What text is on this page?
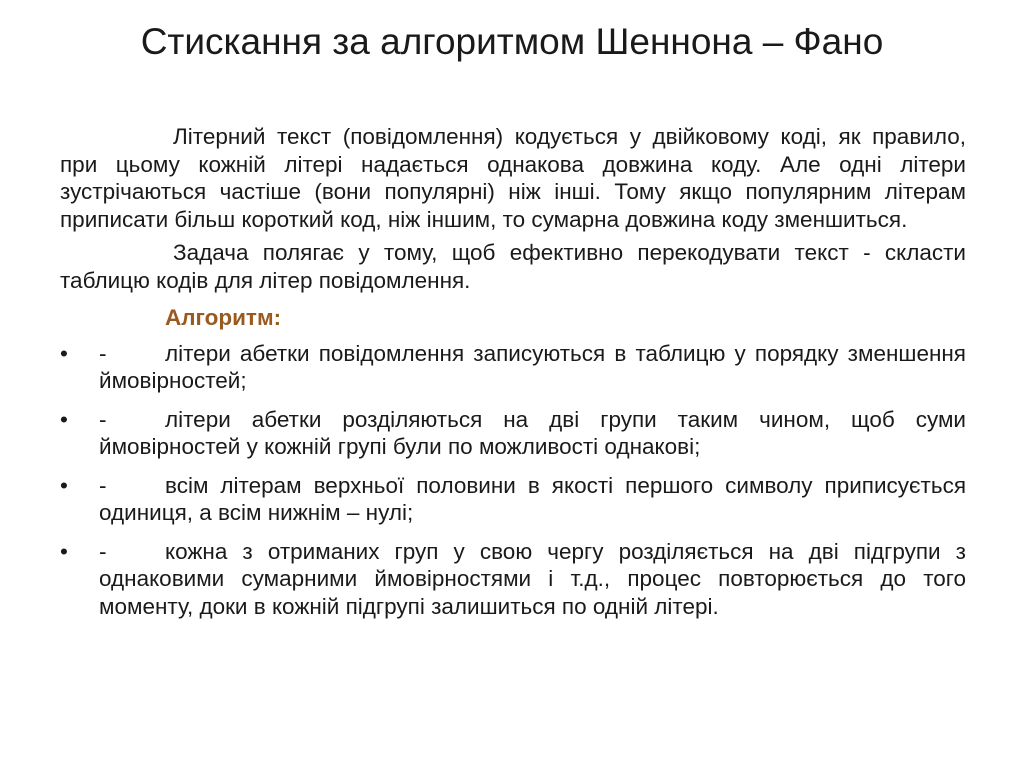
Стискання за алгоритмом Шеннона – Фано

Літерний текст (повідомлення) кодується у двійковому коді, як правило, при цьому кожній літері надається однакова довжина коду. Але одні літери зустрічаються частіше (вони популярні) ніж інші. Тому якщо популярним літерам приписати більш короткий код, ніж іншим, то сумарна довжина коду зменшиться.

Задача полягає у тому, щоб ефективно перекодувати текст - скласти таблицю кодів для літер повідомлення.

Алгоритм:
• -	літери абетки повідомлення записуються в таблицю у порядку зменшення ймовірностей;
• -	літери абетки розділяються на дві групи таким чином, щоб суми ймовірностей у кожній групі були по можливості однакові;
• -	всім літерам верхньої половини в якості першого символу приписується одиниця, а всім нижнім – нулі;
• -	кожна з отриманих груп у свою чергу розділяється на дві підгрупи з однаковими сумарними ймовірностями і т.д., процес повторюється до того моменту, доки в кожній підгрупі залишиться по одній літері.
